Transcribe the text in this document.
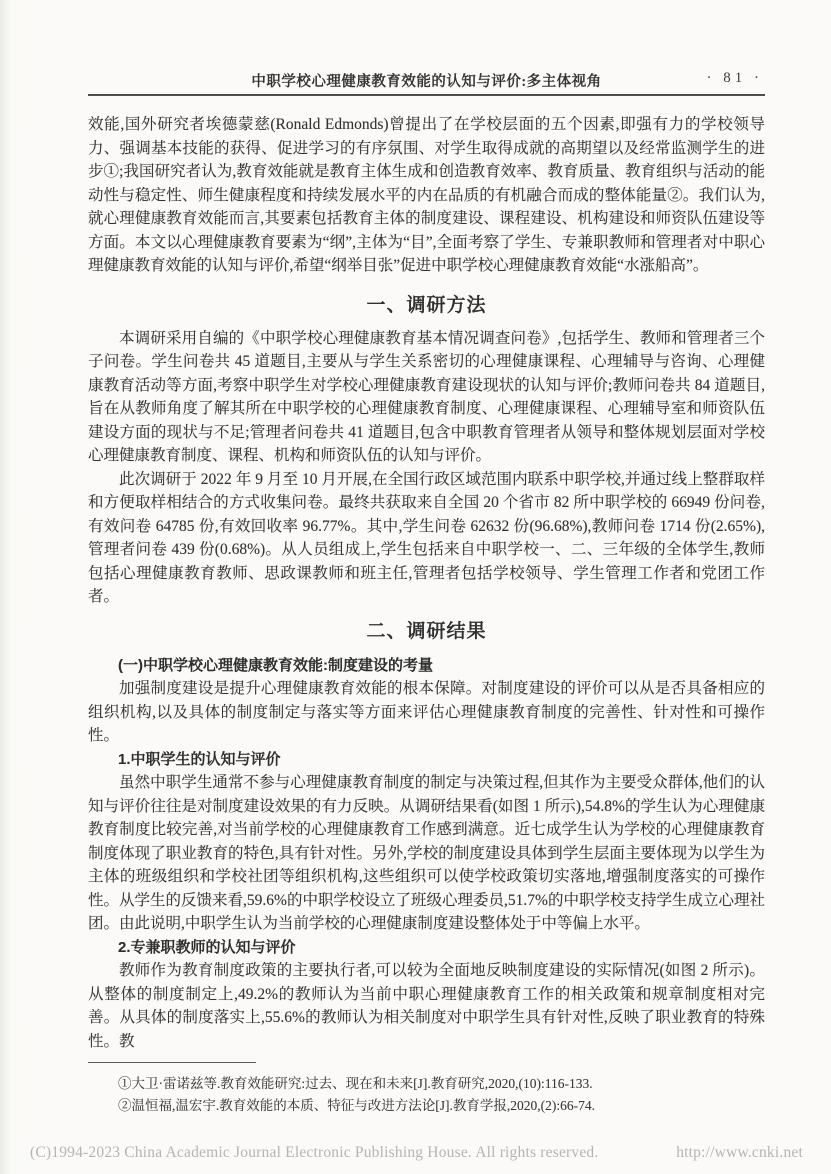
中职学校心理健康教育效能的认知与评价:多主体视角	· 81 ·

效能,国外研究者埃德蒙慈(Ronald Edmonds)曾提出了在学校层面的五个因素,即强有力的学校领导力、强调基本技能的获得、促进学习的有序氛围、对学生取得成就的高期望以及经常监测学生的进步①;我国研究者认为,教育效能就是教育主体生成和创造教育效率、教育质量、教育组织与活动的能动性与稳定性、师生健康程度和持续发展水平的内在品质的有机融合而成的整体能量②。我们认为,就心理健康教育效能而言,其要素包括教育主体的制度建设、课程建设、机构建设和师资队伍建设等方面。本文以心理健康教育要素为“纲”,主体为“目”,全面考察了学生、专兼职教师和管理者对中职心理健康教育效能的认知与评价,希望“纲举目张”促进中职学校心理健康教育效能“水涨船高”。

一、调研方法

本调研采用自编的《中职学校心理健康教育基本情况调查问卷》,包括学生、教师和管理者三个子问卷。学生问卷共 45 道题目,主要从与学生关系密切的心理健康课程、心理辅导与咨询、心理健康教育活动等方面,考察中职学生对学校心理健康教育建设现状的认知与评价;教师问卷共 84 道题目,旨在从教师角度了解其所在中职学校的心理健康教育制度、心理健康课程、心理辅导室和师资队伍建设方面的现状与不足;管理者问卷共 41 道题目,包含中职教育管理者从领导和整体规划层面对学校心理健康教育制度、课程、机构和师资队伍的认知与评价。

此次调研于 2022 年 9 月至 10 月开展,在全国行政区域范围内联系中职学校,并通过线上整群取样和方便取样相结合的方式收集问卷。最终共获取来自全国 20 个省市 82 所中职学校的 66949 份问卷,有效问卷 64785 份,有效回收率 96.77%。其中,学生问卷 62632 份(96.68%),教师问卷 1714 份(2.65%),管理者问卷 439 份(0.68%)。从人员组成上,学生包括来自中职学校一、二、三年级的全体学生,教师包括心理健康教育教师、思政课教师和班主任,管理者包括学校领导、学生管理工作者和党团工作者。

二、调研结果

(一)中职学校心理健康教育效能:制度建设的考量

加强制度建设是提升心理健康教育效能的根本保障。对制度建设的评价可以从是否具备相应的组织机构,以及具体的制度制定与落实等方面来评估心理健康教育制度的完善性、针对性和可操作性。

1.中职学生的认知与评价

虽然中职学生通常不参与心理健康教育制度的制定与决策过程,但其作为主要受众群体,他们的认知与评价往往是对制度建设效果的有力反映。从调研结果看(如图 1 所示),54.8%的学生认为心理健康教育制度比较完善,对当前学校的心理健康教育工作感到满意。近七成学生认为学校的心理健康教育制度体现了职业教育的特色,具有针对性。另外,学校的制度建设具体到学生层面主要体现为以学生为主体的班级组织和学校社团等组织机构,这些组织可以使学校政策切实落地,增强制度落实的可操作性。从学生的反馈来看,59.6%的中职学校设立了班级心理委员,51.7%的中职学校支持学生成立心理社团。由此说明,中职学生认为当前学校的心理健康制度建设整体处于中等偏上水平。

2.专兼职教师的认知与评价

教师作为教育制度政策的主要执行者,可以较为全面地反映制度建设的实际情况(如图 2 所示)。从整体的制度制定上,49.2%的教师认为当前中职心理健康教育工作的相关政策和规章制度相对完善。从具体的制度落实上,55.6%的教师认为相关制度对中职学生具有针对性,反映了职业教育的特殊性。教

①大卫·雷诺兹等.教育效能研究:过去、现在和未来[J].教育研究,2020,(10):116-133.

②温恒福,温宏宇.教育效能的本质、特征与改进方法论[J].教育学报,2020,(2):66-74.

(C)1994-2023 China Academic Journal Electronic Publishing House. All rights reserved.	http://www.cnki.net
